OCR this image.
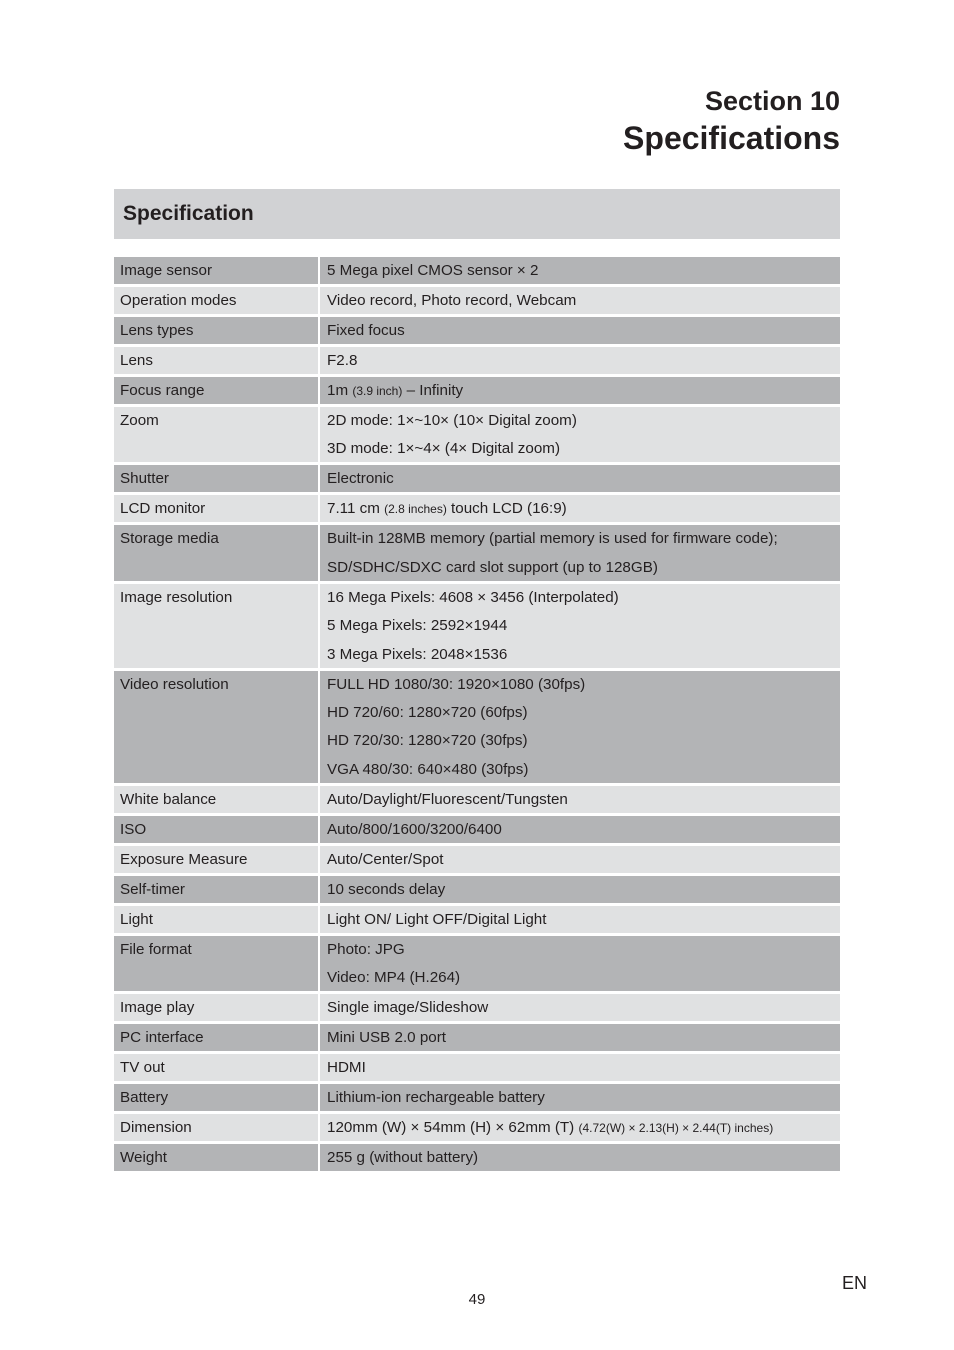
Section 10
Specifications
Specification
Image sensor	5 Mega pixel CMOS sensor × 2
Operation modes	Video record, Photo record, Webcam
Lens types	Fixed focus
Lens	F2.8
Focus range	1m (3.9 inch) – Infinity
Zoom	2D mode: 1×~10× (10× Digital zoom)
3D mode: 1×~4× (4× Digital zoom)
Shutter	Electronic
LCD monitor	7.11 cm (2.8 inches) touch LCD (16:9)
Storage media	Built-in 128MB memory (partial memory is used for firmware code);
SD/SDHC/SDXC card slot support (up to 128GB)
Image resolution	16 Mega Pixels: 4608 × 3456 (Interpolated)
5 Mega Pixels: 2592×1944
3 Mega Pixels: 2048×1536
Video resolution	FULL HD 1080/30: 1920×1080 (30fps)
HD 720/60: 1280×720 (60fps)
HD 720/30: 1280×720 (30fps)
VGA 480/30: 640×480 (30fps)
White balance	Auto/Daylight/Fluorescent/Tungsten
ISO	Auto/800/1600/3200/6400
Exposure Measure	Auto/Center/Spot
Self-timer	10 seconds delay
Light	Light ON/ Light OFF/Digital Light
File format	Photo: JPG
Video: MP4 (H.264)
Image play	Single image/Slideshow
PC interface	Mini USB 2.0 port
TV out	HDMI
Battery	Lithium-ion rechargeable battery
Dimension	120mm (W) × 54mm (H) × 62mm (T) (4.72(W) × 2.13(H) × 2.44(T) inches)
Weight	255 g (without battery)
49
EN
